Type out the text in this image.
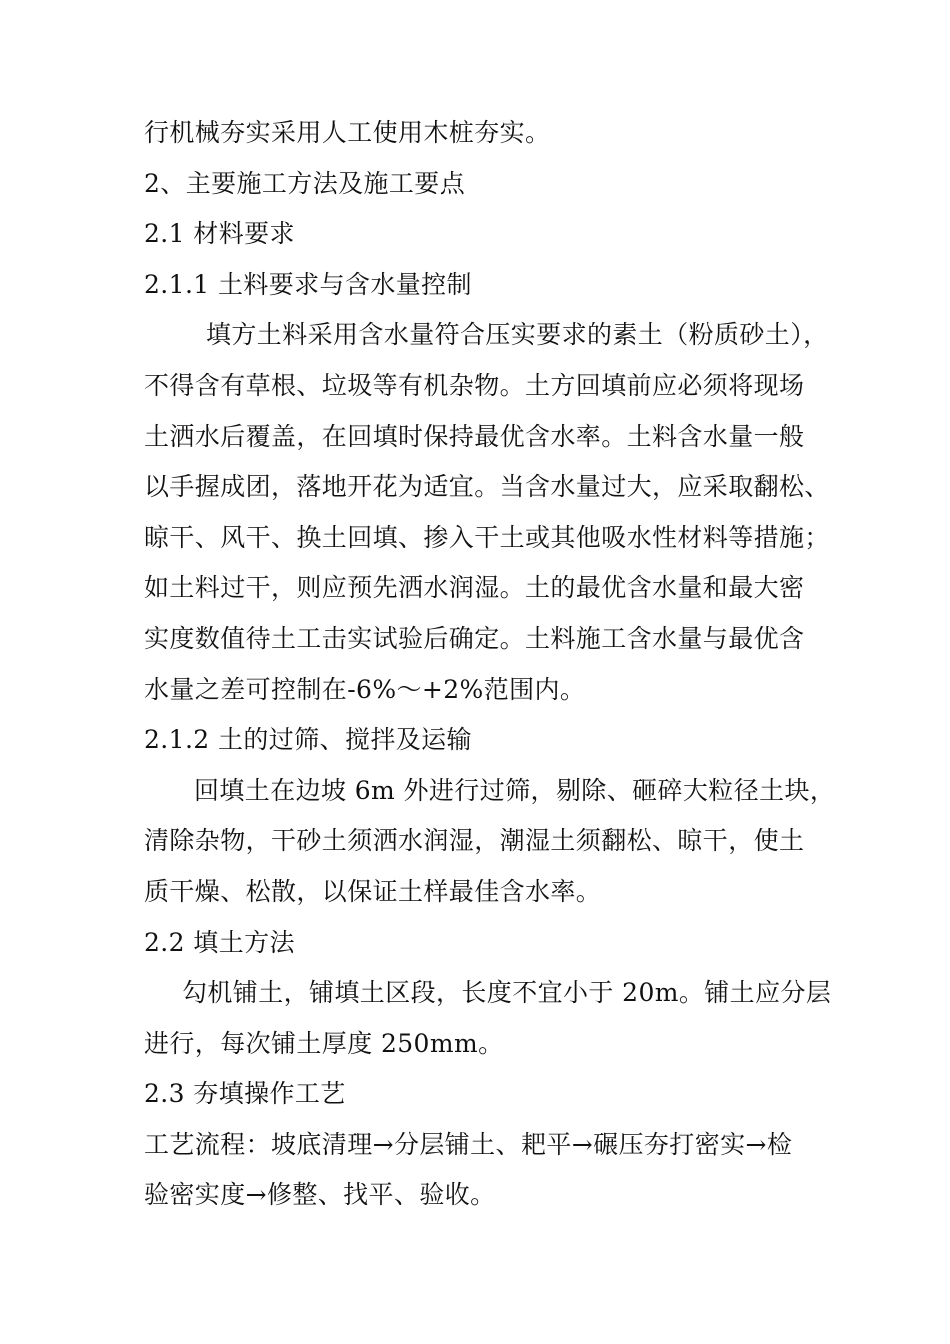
行机械夯实采用人工使用木桩夯实。
2、主要施工方法及施工要点
2.1 材料要求
2.1.1 土料要求与含水量控制
填方土料采用含水量符合压实要求的素土（粉质砂土），
不得含有草根、垃圾等有机杂物。土方回填前应必须将现场
土洒水后覆盖，在回填时保持最优含水率。土料含水量一般
以手握成团，落地开花为适宜。当含水量过大，应采取翻松、
晾干、风干、换土回填、掺入干土或其他吸水性材料等措施；
如土料过干，则应预先洒水润湿。土的最优含水量和最大密
实度数值待土工击实试验后确定。土料施工含水量与最优含
水量之差可控制在-6%～+2%范围内。
2.1.2 土的过筛、搅拌及运输
回填土在边坡 6m 外进行过筛，剔除、砸碎大粒径土块，
清除杂物，干砂土须洒水润湿，潮湿土须翻松、晾干，使土
质干燥、松散，以保证土样最佳含水率。
2.2 填土方法
勾机铺土，铺填土区段，长度不宜小于 20m。铺土应分层
进行，每次铺土厚度 250mm。
2.3 夯填操作工艺
工艺流程：坡底清理→分层铺土、耙平→碾压夯打密实→检
验密实度→修整、找平、验收。
